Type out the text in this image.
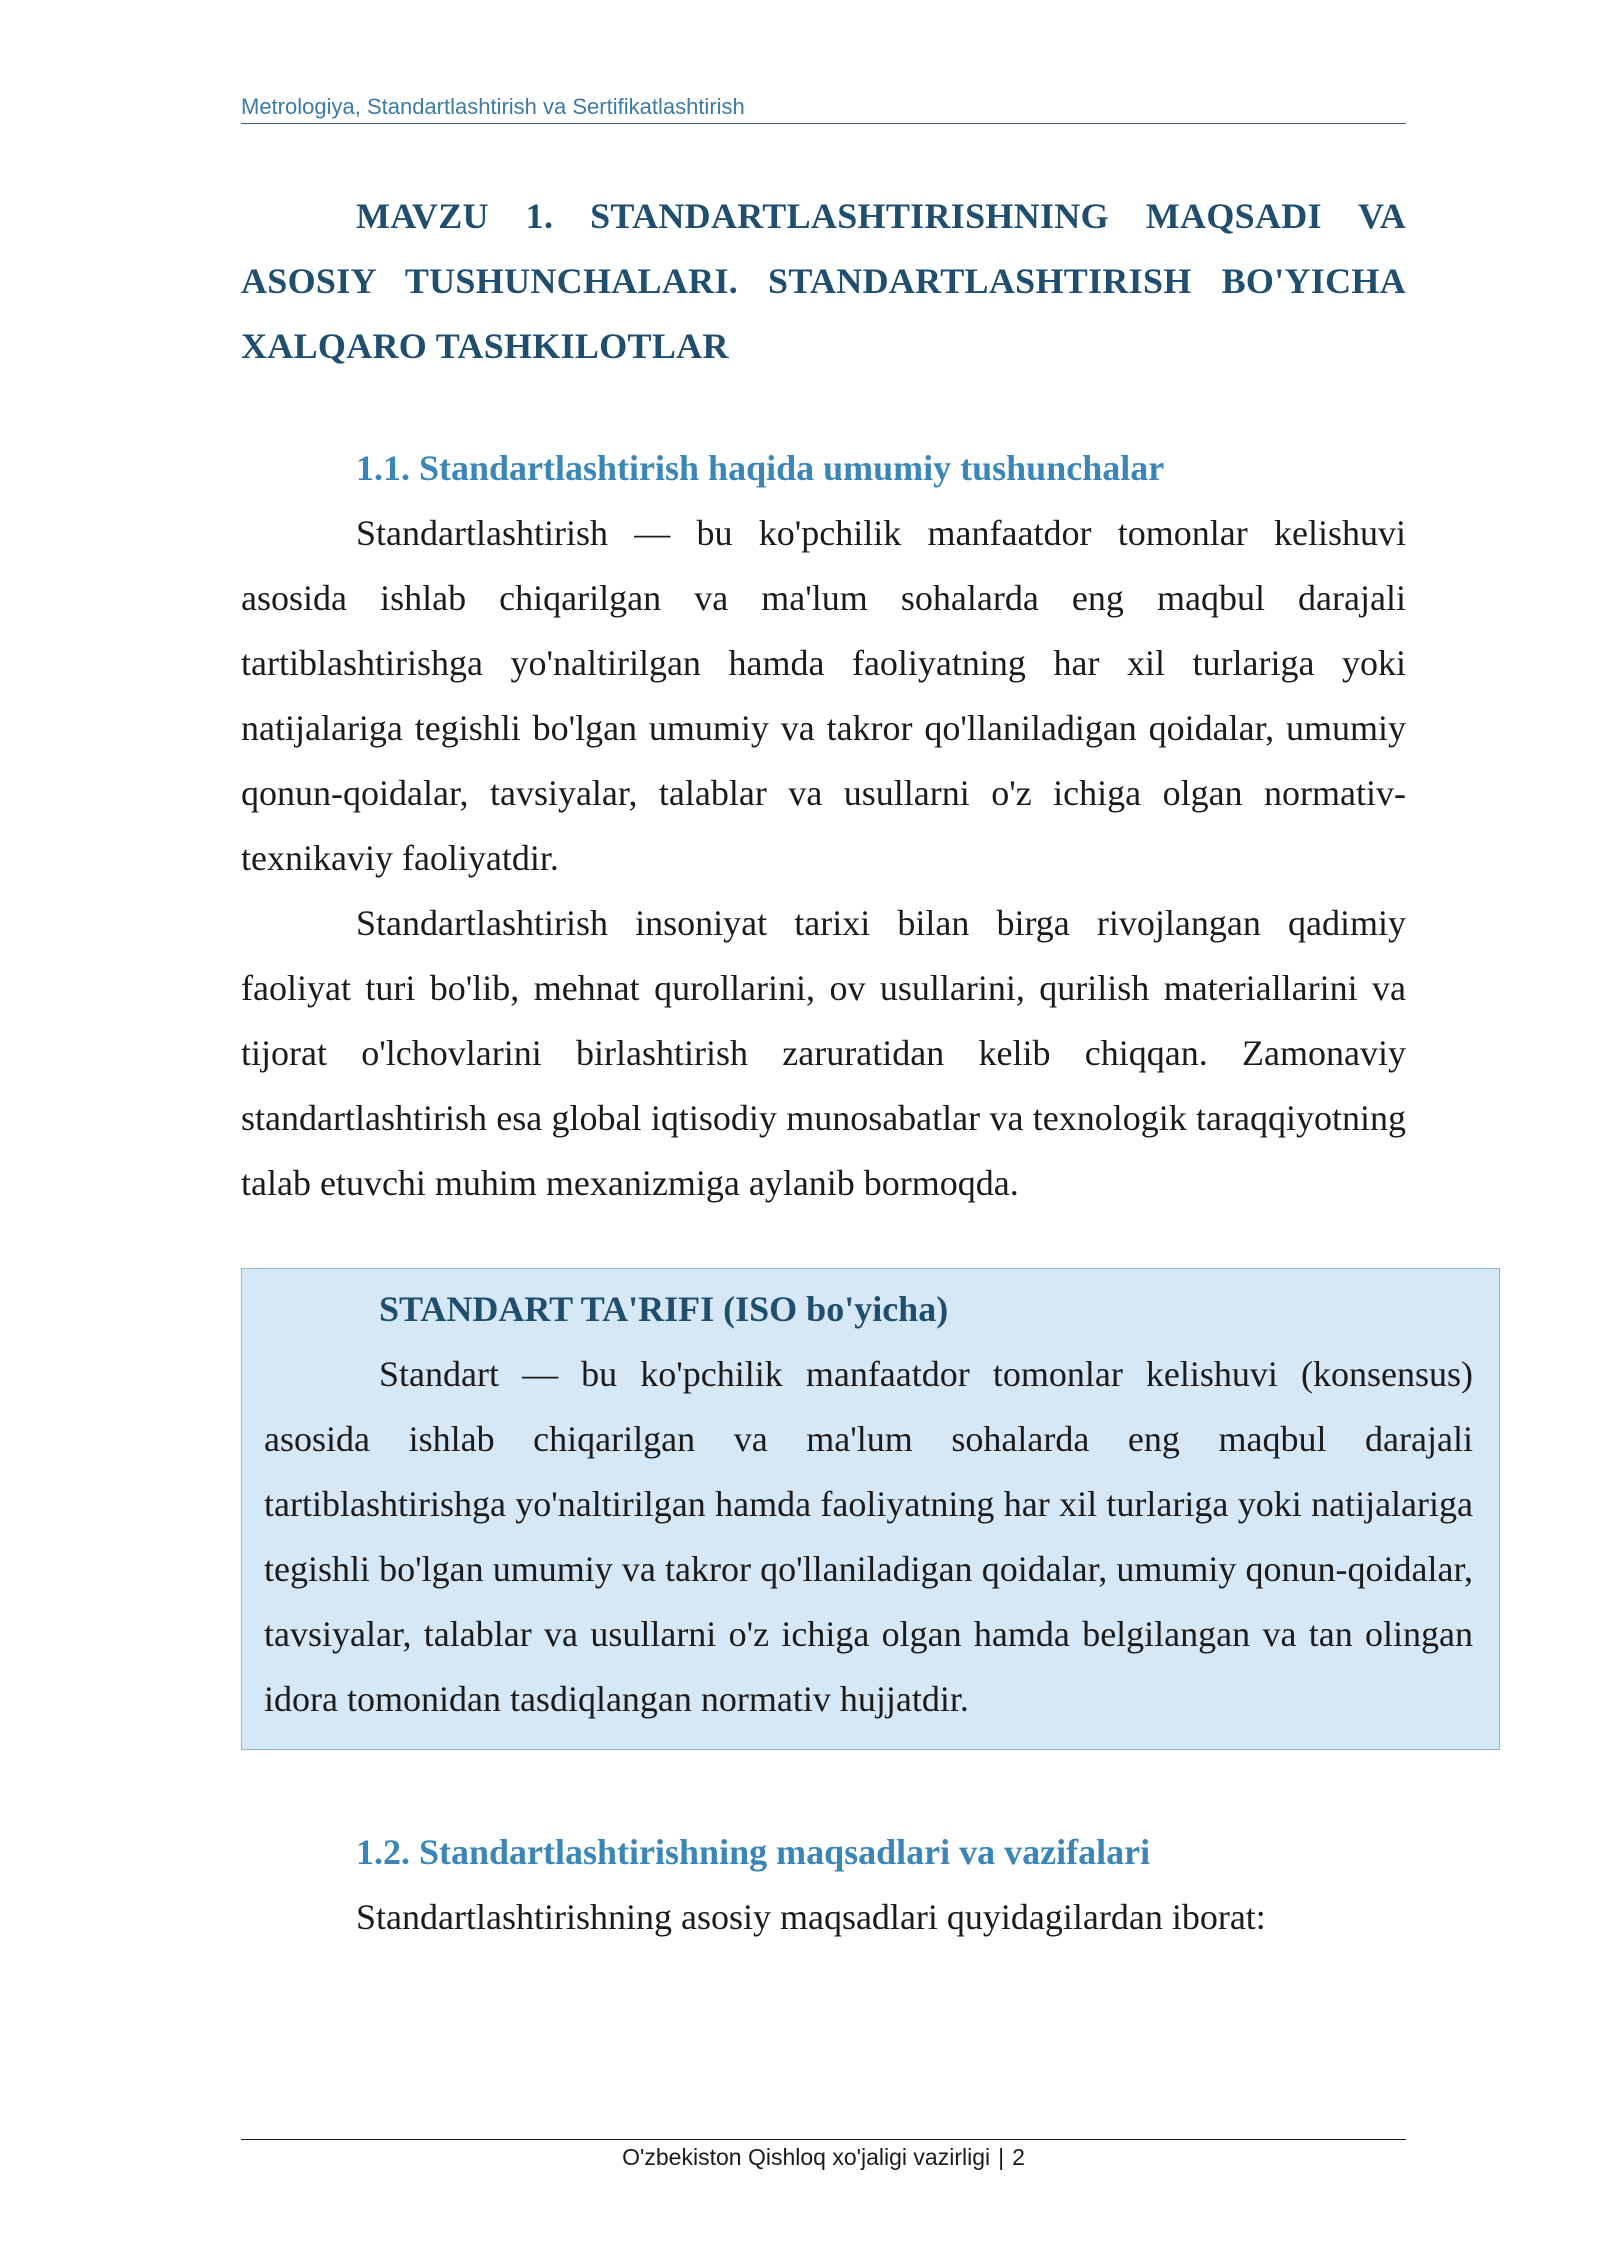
Metrologiya, Standartlashtirish va Sertifikatlashtirish
MAVZU 1. STANDARTLASHTIRISHNING MAQSADI VA ASOSIY TUSHUNCHALARI. STANDARTLASHTIRISH BO'YICHA XALQARO TASHKILOTLAR
1.1. Standartlashtirish haqida umumiy tushunchalar

Standartlashtirish — bu ko'pchilik manfaatdor tomonlar kelishuvi asosida ishlab chiqarilgan va ma'lum sohalarda eng maqbul darajali tartiblashtirishga yo'naltirilgan hamda faoliyatning har xil turlariga yoki natijalariga tegishli bo'lgan umumiy va takror qo'llaniladigan qoidalar, umumiy qonun-qoidalar, tavsiyalar, talablar va usullarni o'z ichiga olgan normativ-texnikaviy faoliyatdir.

Standartlashtirish insoniyat tarixi bilan birga rivojlangan qadimiy faoliyat turi bo'lib, mehnat qurollarini, ov usullarini, qurilish materiallarini va tijorat o'lchovlarini birlashtirish zaruratidan kelib chiqqan. Zamonaviy standartlashtirish esa global iqtisodiy munosabatlar va texnologik taraqqiyotning talab etuvchi muhim mexanizmiga aylanib bormoqda.

STANDART TA'RIFI (ISO bo'yicha)

Standart — bu ko'pchilik manfaatdor tomonlar kelishuvi (konsensus) asosida ishlab chiqarilgan va ma'lum sohalarda eng maqbul darajali tartiblashtirishga yo'naltirilgan hamda faoliyatning har xil turlariga yoki natijalariga tegishli bo'lgan umumiy va takror qo'llaniladigan qoidalar, umumiy qonun-qoidalar, tavsiyalar, talablar va usullarni o'z ichiga olgan hamda belgilangan va tan olingan idora tomonidan tasdiqlangan normativ hujjatdir.

1.2. Standartlashtirishning maqsadlari va vazifalari

Standartlashtirishning asosiy maqsadlari quyidagilardan iborat:

O'zbekiston Qishloq xo'jaligi vazirligi | 2
